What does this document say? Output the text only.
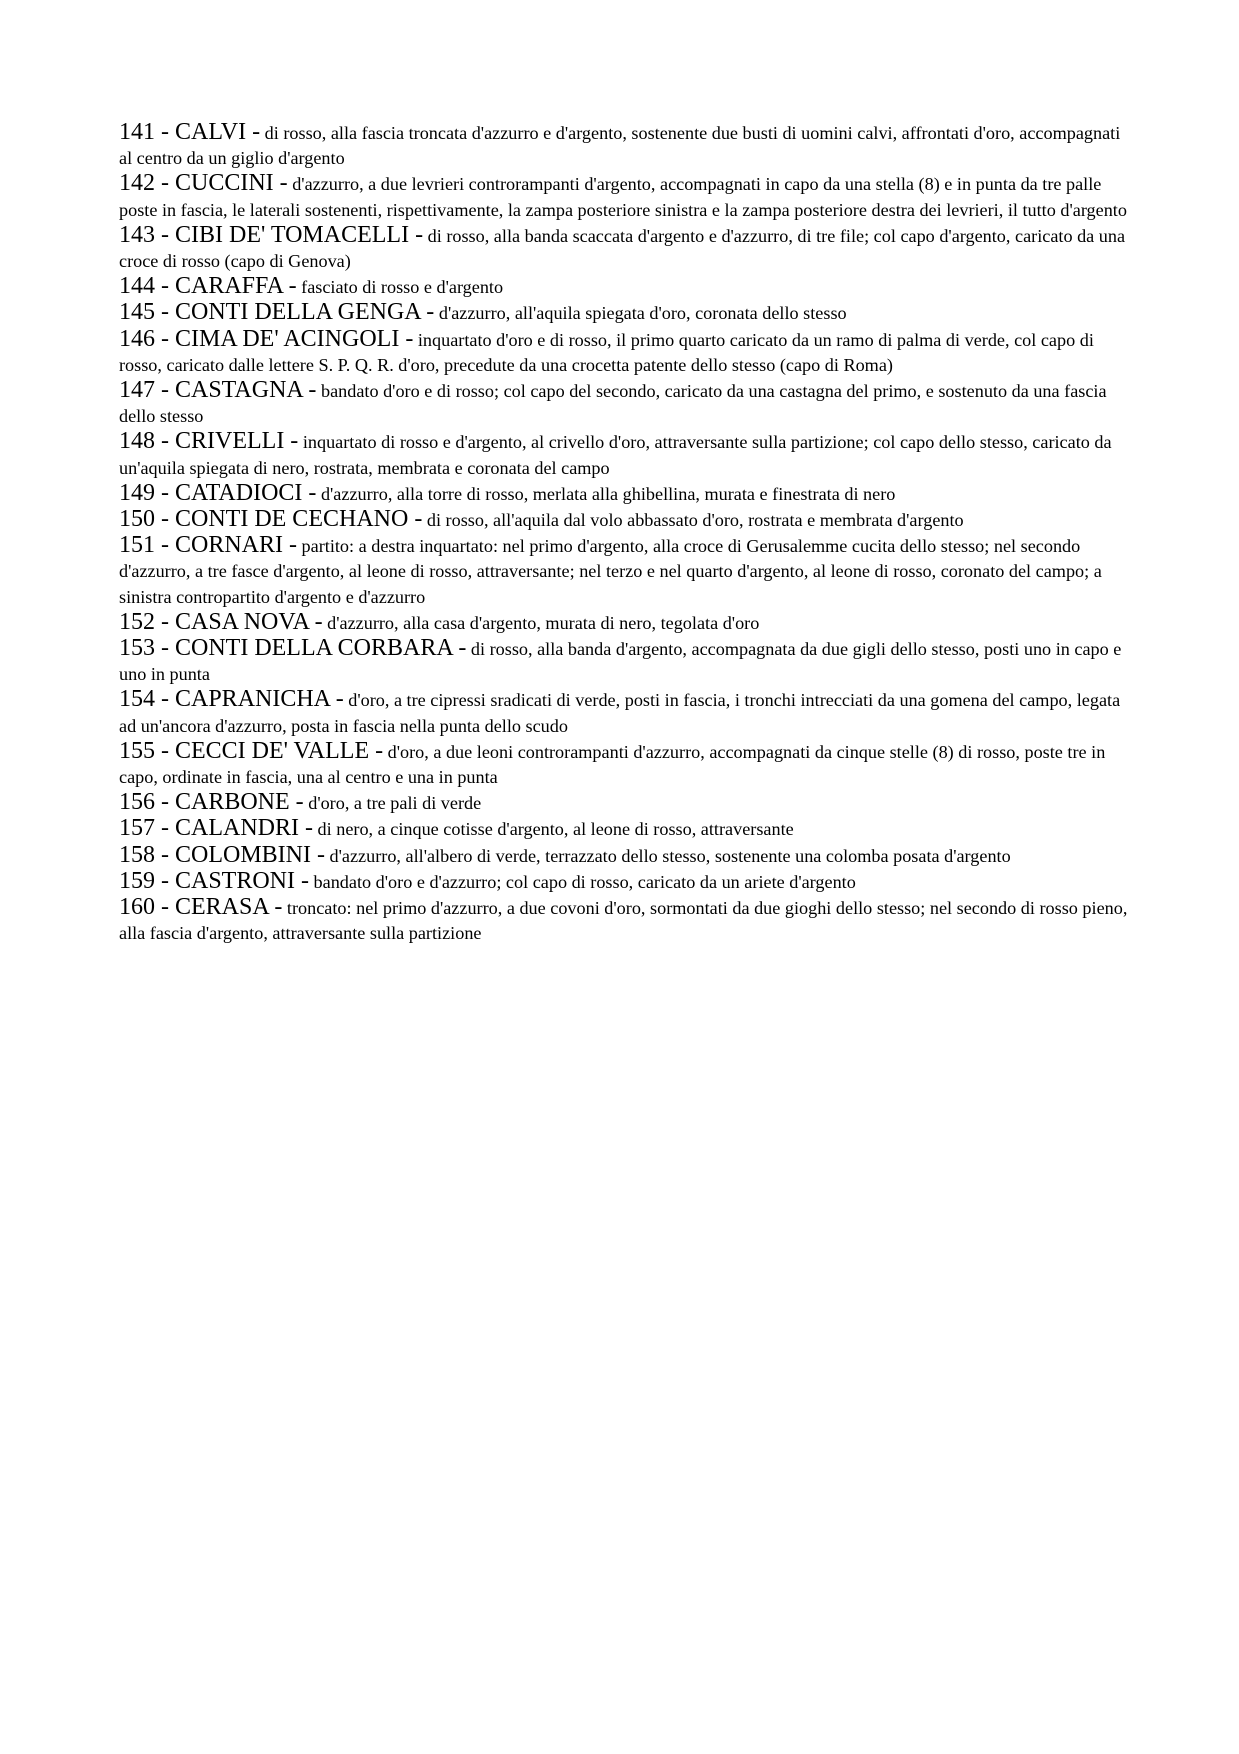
141 - CALVI - di rosso, alla fascia troncata d'azzurro e d'argento, sostenente due busti di uomini calvi, affrontati d'oro, accompagnati al centro da un giglio d'argento

142 - CUCCINI - d'azzurro, a due levrieri controrampanti d'argento, accompagnati in capo da una stella (8) e in punta da tre palle poste in fascia, le laterali sostenenti, rispettivamente, la zampa posteriore sinistra e la zampa posteriore destra dei levrieri, il tutto d'argento

143 - CIBI DE' TOMACELLI - di rosso, alla banda scaccata d'argento e d'azzurro, di tre file; col capo d'argento, caricato da una croce di rosso (capo di Genova)

144 - CARAFFA - fasciato di rosso e d'argento

145 - CONTI DELLA GENGA - d'azzurro, all'aquila spiegata d'oro, coronata dello stesso

146 - CIMA DE' ACINGOLI - inquartato d'oro e di rosso, il primo quarto caricato da un ramo di palma di verde, col capo di rosso, caricato dalle lettere S. P. Q. R. d'oro, precedute da una crocetta patente dello stesso (capo di Roma)

147 - CASTAGNA - bandato d'oro e di rosso; col capo del secondo, caricato da una castagna del primo, e sostenuto da una fascia dello stesso

148 - CRIVELLI - inquartato di rosso e d'argento, al crivello d'oro, attraversante sulla partizione; col capo dello stesso, caricato da un'aquila spiegata di nero, rostrata, membrata e coronata del campo

149 - CATADIOCI - d'azzurro, alla torre di rosso, merlata alla ghibellina, murata e finestrata di nero

150 - CONTI DE CECHANO - di rosso, all'aquila dal volo abbassato d'oro, rostrata e membrata d'argento

151 - CORNARI - partito: a destra inquartato: nel primo d'argento, alla croce di Gerusalemme cucita dello stesso; nel secondo d'azzurro, a tre fasce d'argento, al leone di rosso, attraversante; nel terzo e nel quarto d'argento, al leone di rosso, coronato del campo; a sinistra contropartito d'argento e d'azzurro

152 - CASA NOVA - d'azzurro, alla casa d'argento, murata di nero, tegolata d'oro

153 - CONTI DELLA CORBARA - di rosso, alla banda d'argento, accompagnata da due gigli dello stesso, posti uno in capo e uno in punta

154 - CAPRANICHA - d'oro, a tre cipressi sradicati di verde, posti in fascia, i tronchi intrecciati da una gomena del campo, legata ad un'ancora d'azzurro, posta in fascia nella punta dello scudo

155 - CECCI DE' VALLE - d'oro, a due leoni controrampanti d'azzurro, accompagnati da cinque stelle (8) di rosso, poste tre in capo, ordinate in fascia, una al centro e una in punta

156 - CARBONE - d'oro, a tre pali di verde

157 - CALANDRI - di nero, a cinque cotisse d'argento, al leone di rosso, attraversante

158 - COLOMBINI - d'azzurro, all'albero di verde, terrazzato dello stesso, sostenente una colomba posata d'argento

159 - CASTRONI - bandato d'oro e d'azzurro; col capo di rosso, caricato da un ariete d'argento

160 - CERASA - troncato: nel primo d'azzurro, a due covoni d'oro, sormontati da due gioghi dello stesso; nel secondo di rosso pieno, alla fascia d'argento, attraversante sulla partizione
